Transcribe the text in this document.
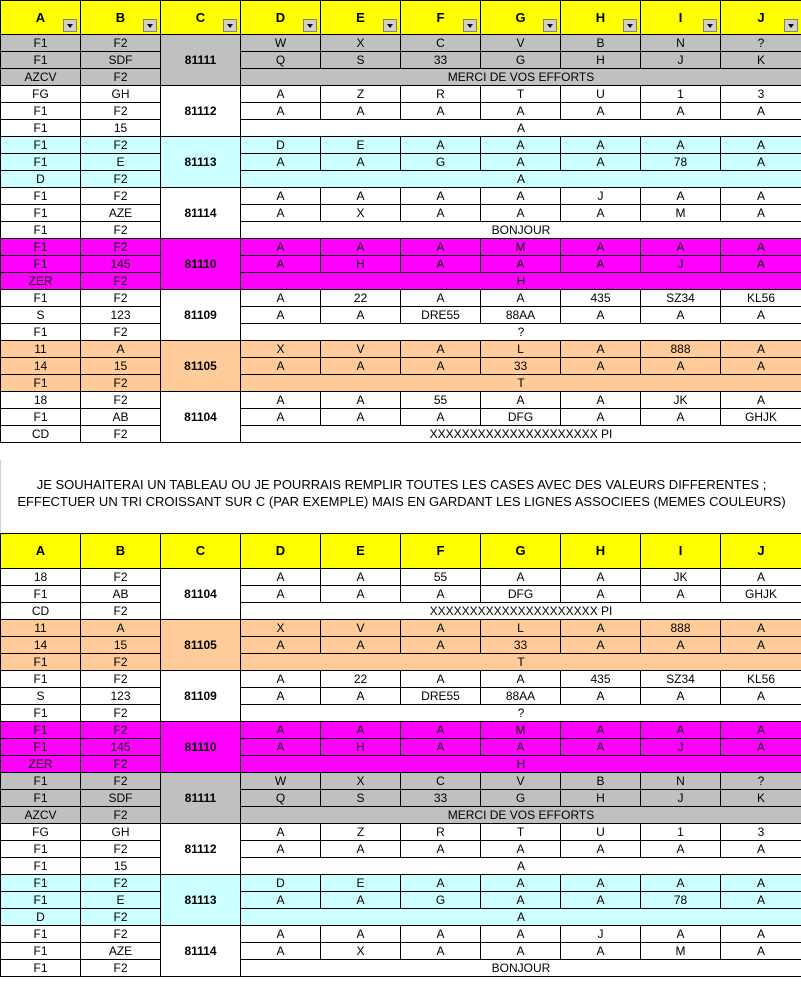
A	B	C	D	E	F	G	H	I	J

F1	F2	81111	W	X	C	V	B	N	?
F1	SDF		Q	S	33	G	H	J	K
AZCV	F2		MERCI DE VOS EFFORTS						
FG	GH	81112	A	Z	R	T	U	1	3
F1	F2		A	A	A	A	A	A	A
F1	15		A						
F1	F2	81113	D	E	A	A	A	A	A
F1	E		A	A	G	A	A	78	A
D	F2		A						
F1	F2	81114	A	A	A	A	J	A	A
F1	AZE		A	X	A	A	A	M	A
F1	F2		BONJOUR						
F1	F2	81110	A	A	A	M	A	A	A
F1	145		A	H	A	A	A	J	A
ZER	F2		H						
F1	F2	81109	A	22	A	A	435	SZ34	KL56
S	123		A	A	DRE55	88AA	A	A	A
F1	F2		?						
11	A	81105	X	V	A	L	A	888	A
14	15		A	A	A	33	A	A	A
F1	F2		T						
18	F2	81104	A	A	55	A	A	JK	A
F1	AB		A	A	A	DFG	A	A	GHJK
CD	F2		XXXXXXXXXXXXXXXXXXXXX PI						
JE SOUHAITERAI UN TABLEAU OU JE POURRAIS REMPLIR TOUTES LES CASES AVEC DES VALEURS DIFFERENTES ;
EFFECTUER UN TRI CROISSANT SUR C (PAR EXEMPLE) MAIS EN GARDANT LES LIGNES ASSOCIEES (MEMES COULEURS)
A	B	C	D	E	F	G	H	I	J
18	F2	81104	A	A	55	A	A	JK	A
F1	AB		A	A	A	DFG	A	A	GHJK
CD	F2		XXXXXXXXXXXXXXXXXXXXX PI						
11	A	81105	X	V	A	L	A	888	A
14	15		A	A	A	33	A	A	A
F1	F2		T						
F1	F2	81109	A	22	A	A	435	SZ34	KL56
S	123		A	A	DRE55	88AA	A	A	A
F1	F2		?						
F1	F2	81110	A	A	A	M	A	A	A
F1	145		A	H	A	A	A	J	A
ZER	F2		H						
F1	F2	81111	W	X	C	V	B	N	?
F1	SDF		Q	S	33	G	H	J	K
AZCV	F2		MERCI DE VOS EFFORTS						
FG	GH	81112	A	Z	R	T	U	1	3
F1	F2		A	A	A	A	A	A	A
F1	15		A						
F1	F2	81113	D	E	A	A	A	A	A
F1	E		A	A	G	A	A	78	A
D	F2		A						
F1	F2	81114	A	A	A	A	J	A	A
F1	AZE		A	X	A	A	A	M	A
F1	F2		BONJOUR						
